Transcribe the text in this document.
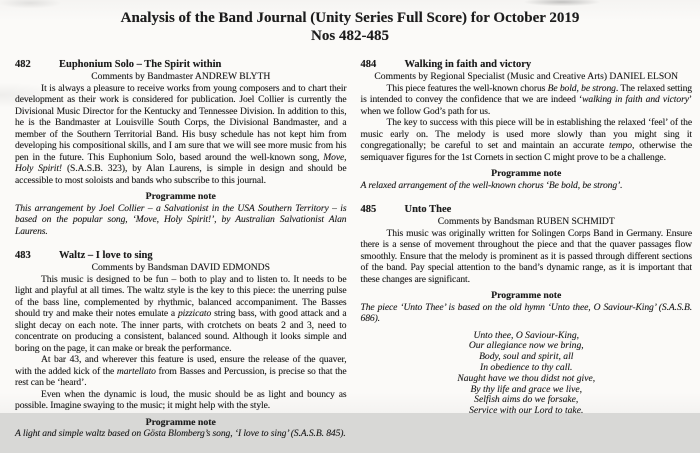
Analysis of the Band Journal (Unity Series Full Score) for October 2019
Nos 482-485
482	Euphonium Solo – The Spirit within
Comments by Bandmaster ANDREW BLYTH

It is always a pleasure to receive works from young composers and to chart their development as their work is considered for publication. Joel Collier is currently the Divisional Music Director for the Kentucky and Tennessee Division. In addition to this, he is the Bandmaster at Louisville South Corps, the Divisional Bandmaster, and a member of the Southern Territorial Band. His busy schedule has not kept him from developing his compositional skills, and I am sure that we will see more music from his pen in the future. This Euphonium Solo, based around the well-known song, Move, Holy Spirit! (S.A.S.B. 323), by Alan Laurens, is simple in design and should be accessible to most soloists and bands who subscribe to this journal.

Programme note

This arrangement by Joel Collier – a Salvationist in the USA Southern Territory – is based on the popular song, ‘Move, Holy Spirit!’, by Australian Salvationist Alan Laurens.

483	Waltz – I love to sing
Comments by Bandsman DAVID EDMONDS

This music is designed to be fun – both to play and to listen to. It needs to be light and playful at all times. The waltz style is the key to this piece: the unerring pulse of the bass line, complemented by rhythmic, balanced accompaniment. The Basses should try and make their notes emulate a pizzicato string bass, with good attack and a slight decay on each note. The inner parts, with crotchets on beats 2 and 3, need to concentrate on producing a consistent, balanced sound. Although it looks simple and boring on the page, it can make or break the performance.

At bar 43, and wherever this feature is used, ensure the release of the quaver, with the added kick of the martellato from Basses and Percussion, is precise so that the rest can be ‘heard’.

Even when the dynamic is loud, the music should be as light and bouncy as possible. Imagine swaying to the music; it might help with the style.

Programme note

A light and simple waltz based on Gösta Blomberg’s song, ‘I love to sing’ (S.A.S.B. 845).

484	Walking in faith and victory
Comments by Regional Specialist (Music and Creative Arts) DANIEL ELSON

This piece features the well-known chorus Be bold, be strong. The relaxed setting is intended to convey the confidence that we are indeed ‘walking in faith and victory’ when we follow God’s path for us.

The key to success with this piece will be in establishing the relaxed ‘feel’ of the music early on. The melody is used more slowly than you might sing it congregationally; be careful to set and maintain an accurate tempo, otherwise the semiquaver figures for the 1st Cornets in section C might prove to be a challenge.

Programme note

A relaxed arrangement of the well-known chorus ‘Be bold, be strong’.

485	Unto Thee
Comments by Bandsman RUBEN SCHMIDT

This music was originally written for Solingen Corps Band in Germany. Ensure there is a sense of movement throughout the piece and that the quaver passages flow smoothly. Ensure that the melody is prominent as it is passed through different sections of the band. Pay special attention to the band’s dynamic range, as it is important that these changes are significant.

Programme note

The piece ‘Unto Thee’ is based on the old hymn ‘Unto thee, O Saviour-King’ (S.A.S.B. 686).

Unto thee, O Saviour-King,
Our allegiance now we bring,
Body, soul and spirit, all
In obedience to thy call.
Naught have we thou didst not give,
By thy life and grace we live,
Selfish aims do we forsake,
Service with our Lord to take.
